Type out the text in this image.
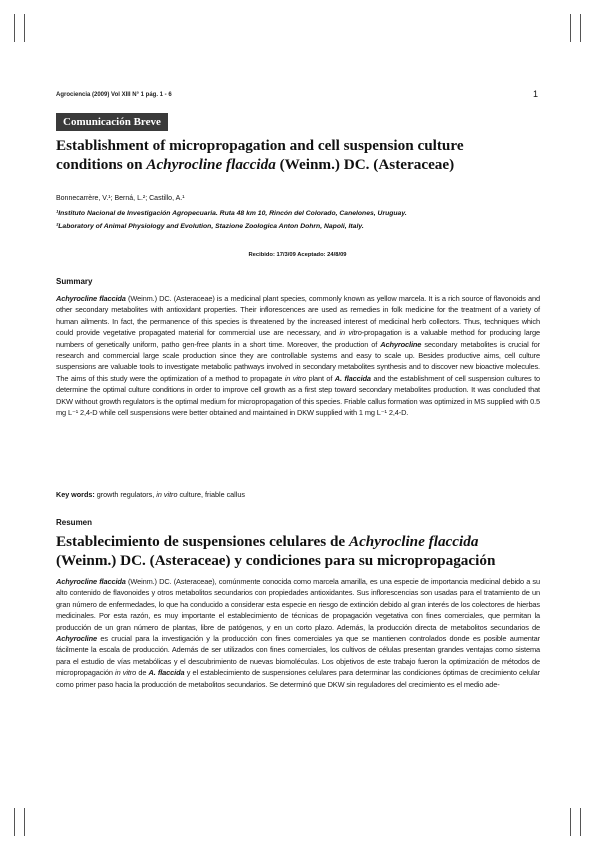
Agrociencia (2009) Vol XIII N° 1 pág. 1 - 6	1
Comunicación Breve
Establishment of micropropagation and cell suspension culture
conditions on Achyrocline flaccida (Weinm.) DC. (Asteraceae)
Bonnecarrère, V.¹; Berná, L.²; Castillo, A.¹
¹Instituto Nacional de Investigación Agropecuaria. Ruta 48 km 10, Rincón del Colorado, Canelones, Uruguay.
²Laboratory of Animal Physiology and Evolution, Stazione Zoologica Anton Dohrn, Napoli, Italy.
Recibido: 17/3/09 Aceptado: 24/8/09
Summary
Achyrocline flaccida (Weinm.) DC. (Asteraceae) is a medicinal plant species, commonly known as yellow marcela. It is a rich source of flavonoids and other secondary metabolites with antioxidant properties. Their inflorescences are used as remedies in folk medicine for the treatment of a variety of human ailments. In fact, the permanence of this species is threatened by the increased interest of medicinal herb collectors. Thus, techniques which could provide vegetative propagated material for commercial use are necessary, and in vitro-propagation is a valuable method for producing large numbers of genetically uniform, patho gen-free plants in a short time. Moreover, the production of Achyrocline secondary metabolites is crucial for research and commercial large scale production since they are controllable systems and easy to scale up. Besides productive aims, cell culture suspensions are valuable tools to investigate metabolic pathways involved in secondary metabolites synthesis and to discover new bioactive molecules. The aims of this study were the optimization of a method to propagate in vitro plant of A. flaccida and the establishment of cell suspension cultures to determine the optimal culture conditions in order to improve cell growth as a first step toward secondary metabolites production. It was concluded that DKW without growth regulators is the optimal medium for micropropagation of this species. Friable callus formation was optimized in MS supplied with 0.5 mg L⁻¹ 2,4-D while cell suspensions were better obtained and maintained in DKW supplied with 1 mg L⁻¹ 2,4-D.
Key words: growth regulators, in vitro culture, friable callus
Resumen
Establecimiento de suspensiones celulares de Achyrocline flaccida
(Weinm.) DC. (Asteraceae) y condiciones para su micropropagación
Achyrocline flaccida (Weinm.) DC. (Asteraceae), comúnmente conocida como marcela amarilla, es una especie de importancia medicinal debido a su alto contenido de flavonoides y otros metabolitos secundarios con propiedades antioxidantes. Sus inflorescencias son usadas para el tratamiento de un gran número de enfermedades, lo que ha conducido a considerar esta especie en riesgo de extinción debido al gran interés de los colectores de hierbas medicinales. Por esta razón, es muy importante el establecimiento de técnicas de propagación vegetativa con fines comerciales, que permitan la producción de un gran número de plantas, libre de patógenos, y en un corto plazo. Además, la producción directa de metabolitos secundarios de Achyrocline es crucial para la investigación y la producción con fines comerciales ya que se mantienen controlados donde es posible aumentar fácilmente la escala de producción. Además de ser utilizados con fines comerciales, los cultivos de células presentan grandes ventajas como sistema para el estudio de vías metabólicas y el descubrimiento de nuevas biomoléculas. Los objetivos de este trabajo fueron la optimización de métodos de micropropagación in vitro de A. flaccida y el establecimiento de suspensiones celulares para determinar las condiciones óptimas de crecimiento celular como primer paso hacia la producción de metabolitos secundarios. Se determinó que DKW sin reguladores del crecimiento es el medio ade-
